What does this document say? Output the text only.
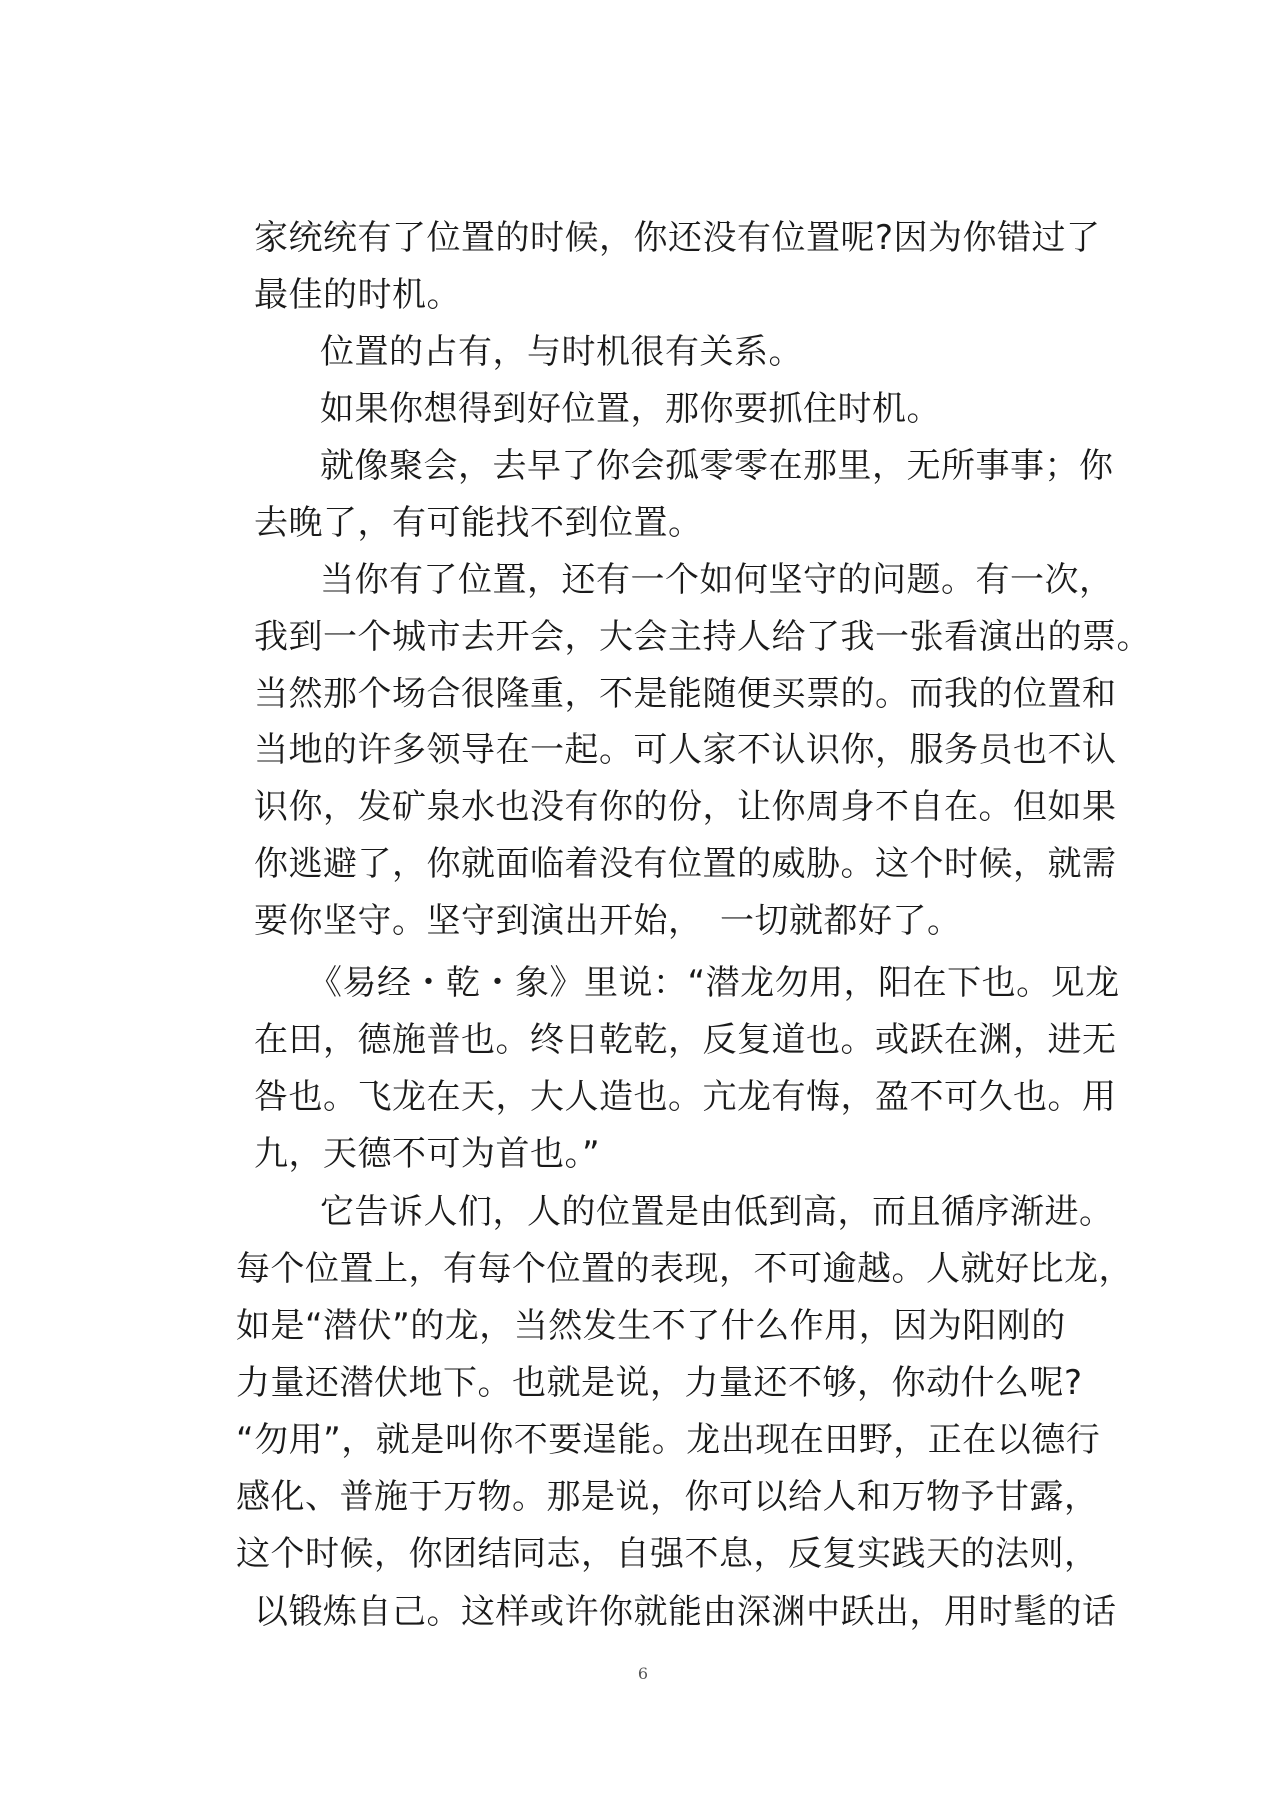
家统统有了位置的时候，你还没有位置呢?因为你错过了
最佳的时机。
位置的占有，与时机很有关系。
如果你想得到好位置，那你要抓住时机。
就像聚会，去早了你会孤零零在那里，无所事事；你
去晚了，有可能找不到位置。
当你有了位置，还有一个如何坚守的问题。有一次，
我到一个城市去开会，大会主持人给了我一张看演出的票。
当然那个场合很隆重，不是能随便买票的。而我的位置和
当地的许多领导在一起。可人家不认识你，服务员也不认
识你，发矿泉水也没有你的份，让你周身不自在。但如果
你逃避了，你就面临着没有位置的威胁。这个时候，就需
要你坚守。坚守到演出开始，　一切就都好了。
《易经・乾・象》里说：“潜龙勿用，阳在下也。见龙
在田，德施普也。终日乾乾，反复道也。或跃在渊，进无
咎也。飞龙在天，大人造也。亢龙有悔，盈不可久也。用
九，天德不可为首也。”
它告诉人们，人的位置是由低到高，而且循序渐进。
每个位置上，有每个位置的表现，不可逾越。人就好比龙，
如是“潜伏”的龙，当然发生不了什么作用，因为阳刚的
力量还潜伏地下。也就是说，力量还不够，你动什么呢?
“勿用”，就是叫你不要逞能。龙出现在田野，正在以德行
感化、普施于万物。那是说，你可以给人和万物予甘露，
这个时候，你团结同志，自强不息，反复实践天的法则，
以锻炼自己。这样或许你就能由深渊中跃出，用时髦的话
6
